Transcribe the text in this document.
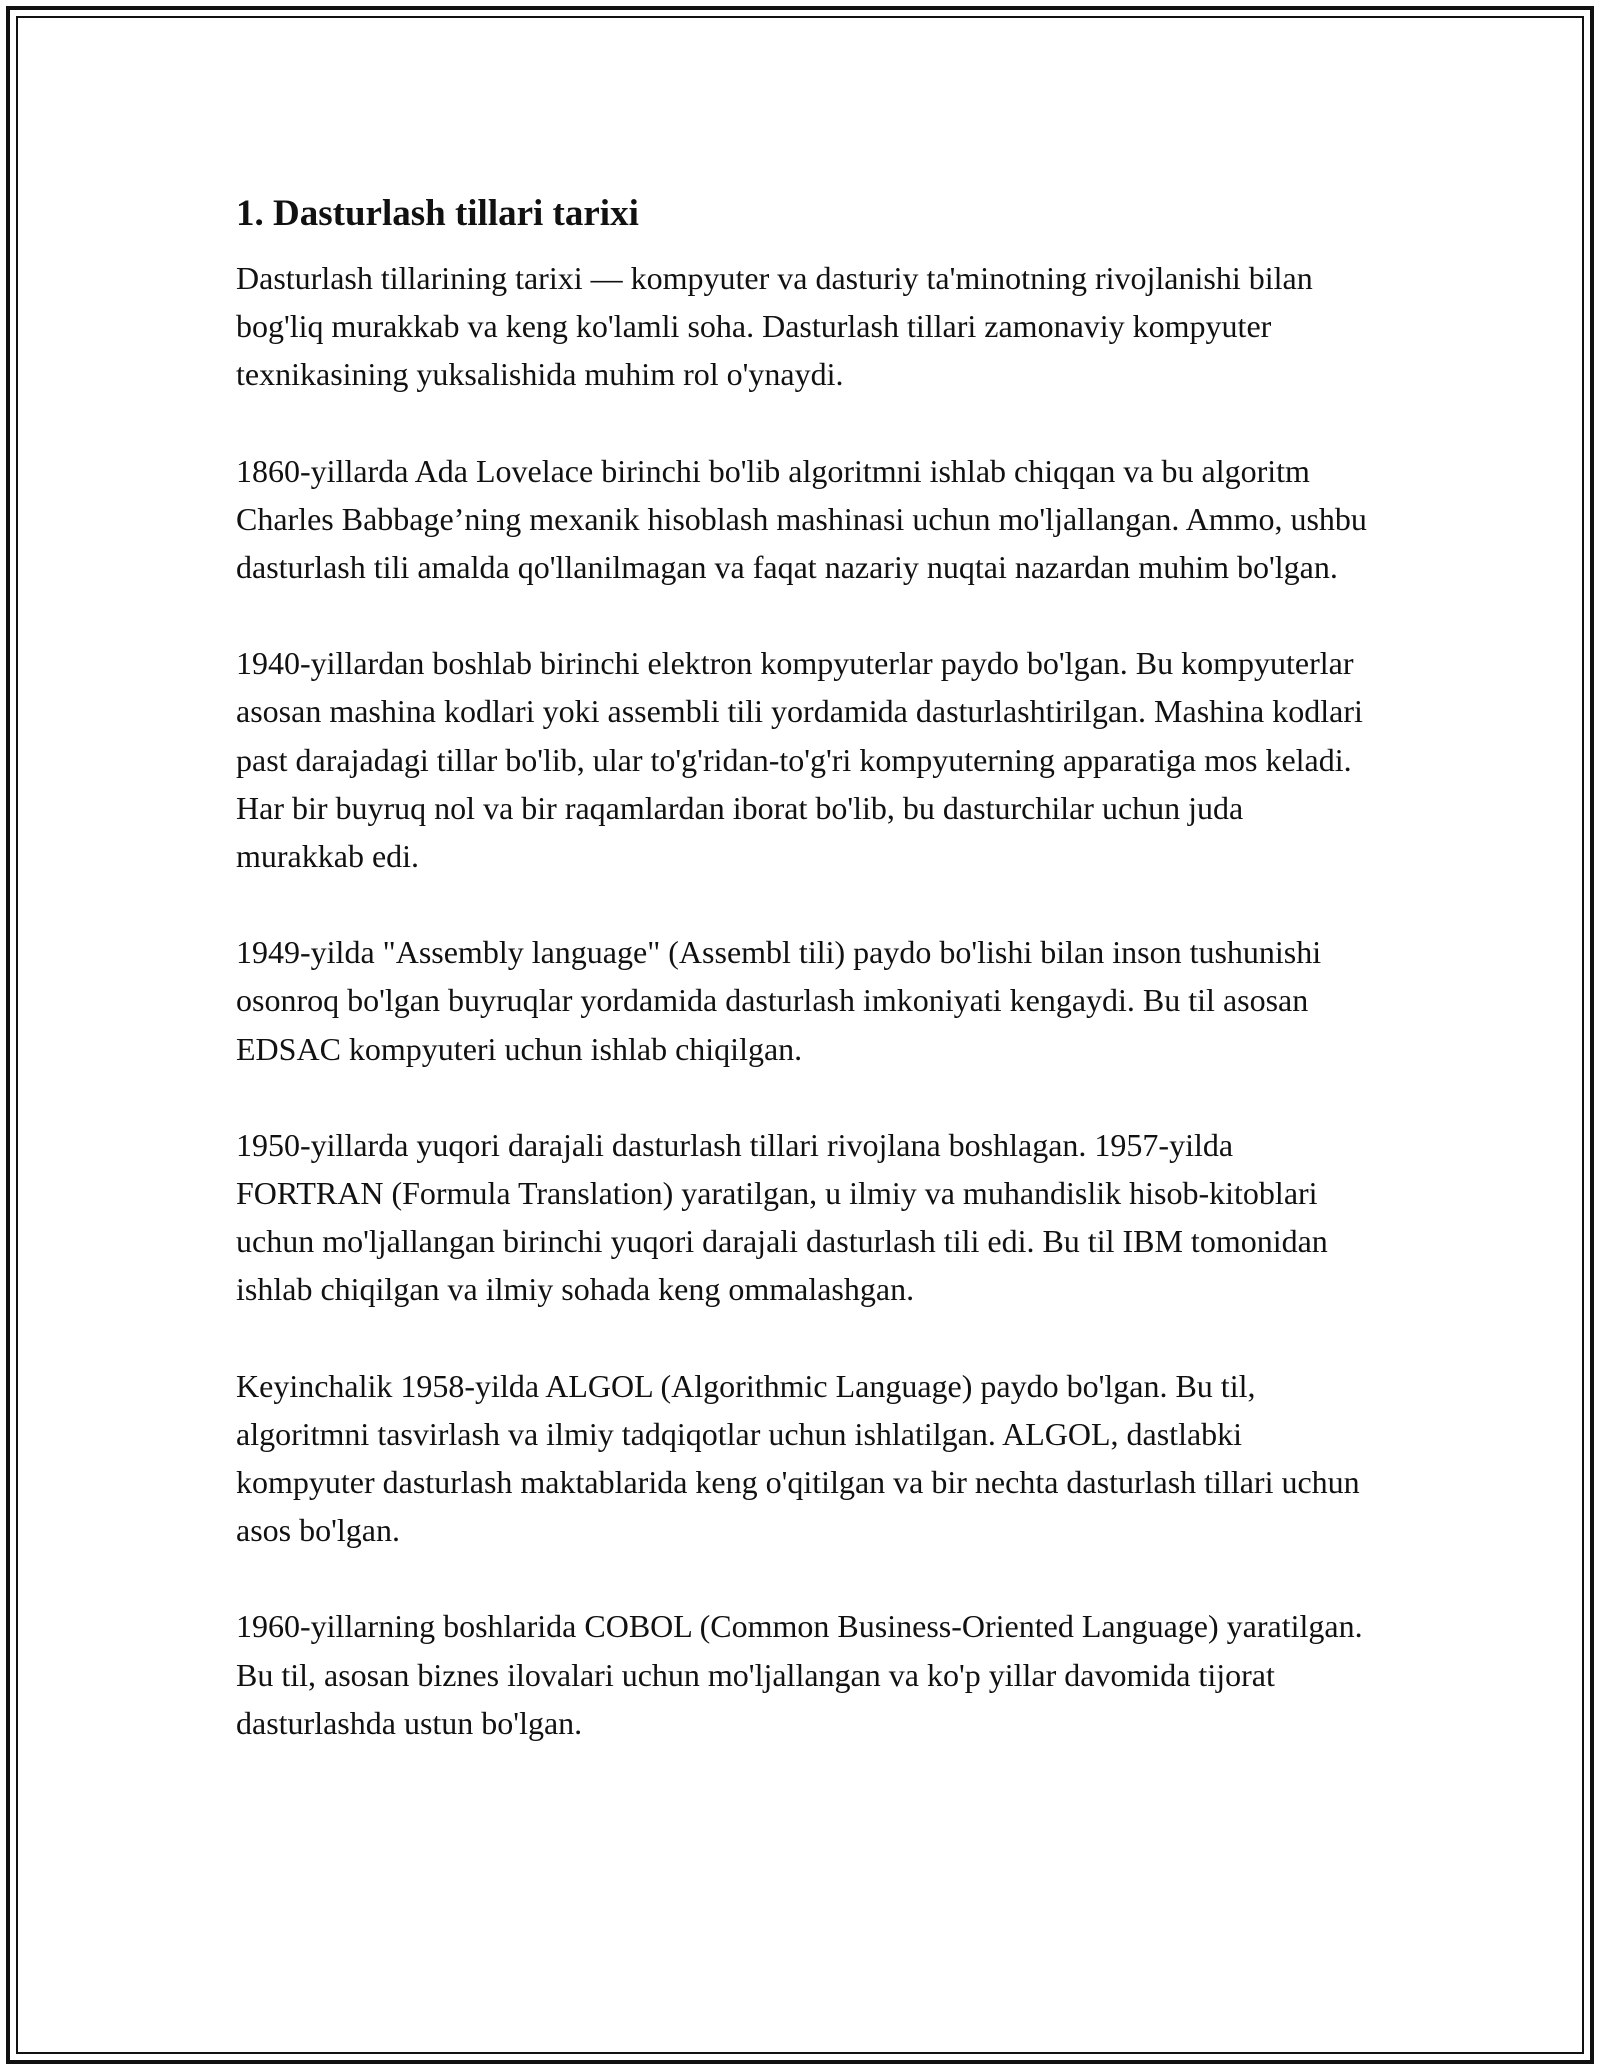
1. Dasturlash tillari tarixi

Dasturlash tillarining tarixi — kompyuter va dasturiy ta'minotning rivojlanishi bilan bog'liq murakkab va keng ko'lamli soha. Dasturlash tillari zamonaviy kompyuter texnikasining yuksalishida muhim rol o'ynaydi.

1860-yillarda Ada Lovelace birinchi bo'lib algoritmni ishlab chiqqan va bu algoritm Charles Babbage’ning mexanik hisoblash mashinasi uchun mo'ljallangan. Ammo, ushbu dasturlash tili amalda qo'llanilmagan va faqat nazariy nuqtai nazardan muhim bo'lgan.

1940-yillardan boshlab birinchi elektron kompyuterlar paydo bo'lgan. Bu kompyuterlar asosan mashina kodlari yoki assembli tili yordamida dasturlashtirilgan. Mashina kodlari past darajadagi tillar bo'lib, ular to'g'ridan-to'g'ri kompyuterning apparatiga mos keladi. Har bir buyruq nol va bir raqamlardan iborat bo'lib, bu dasturchilar uchun juda murakkab edi.

1949-yilda "Assembly language" (Assembl tili) paydo bo'lishi bilan inson tushunishi osonroq bo'lgan buyruqlar yordamida dasturlash imkoniyati kengaydi. Bu til asosan EDSAC kompyuteri uchun ishlab chiqilgan.

1950-yillarda yuqori darajali dasturlash tillari rivojlana boshlagan. 1957-yilda FORTRAN (Formula Translation) yaratilgan, u ilmiy va muhandislik hisob-kitoblari uchun mo'ljallangan birinchi yuqori darajali dasturlash tili edi. Bu til IBM tomonidan ishlab chiqilgan va ilmiy sohada keng ommalashgan.

Keyinchalik 1958-yilda ALGOL (Algorithmic Language) paydo bo'lgan. Bu til, algoritmni tasvirlash va ilmiy tadqiqotlar uchun ishlatilgan. ALGOL, dastlabki kompyuter dasturlash maktablarida keng o'qitilgan va bir nechta dasturlash tillari uchun asos bo'lgan.

1960-yillarning boshlarida COBOL (Common Business-Oriented Language) yaratilgan. Bu til, asosan biznes ilovalari uchun mo'ljallangan va ko'p yillar davomida tijorat dasturlashda ustun bo'lgan.
